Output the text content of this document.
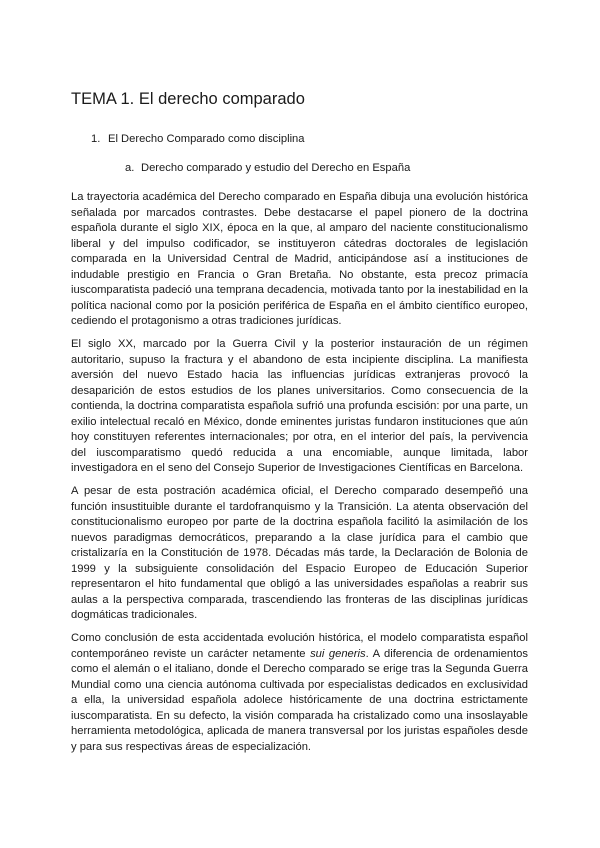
TEMA 1. El derecho comparado
1. El Derecho Comparado como disciplina
a. Derecho comparado y estudio del Derecho en España

La trayectoria académica del Derecho comparado en España dibuja una evolución histórica señalada por marcados contrastes. Debe destacarse el papel pionero de la doctrina española durante el siglo XIX, época en la que, al amparo del naciente constitucionalismo liberal y del impulso codificador, se instituyeron cátedras doctorales de legislación comparada en la Universidad Central de Madrid, anticipándose así a instituciones de indudable prestigio en Francia o Gran Bretaña. No obstante, esta precoz primacía iuscomparatista padeció una temprana decadencia, motivada tanto por la inestabilidad en la política nacional como por la posición periférica de España en el ámbito científico europeo, cediendo el protagonismo a otras tradiciones jurídicas.

El siglo XX, marcado por la Guerra Civil y la posterior instauración de un régimen autoritario, supuso la fractura y el abandono de esta incipiente disciplina. La manifiesta aversión del nuevo Estado hacia las influencias jurídicas extranjeras provocó la desaparición de estos estudios de los planes universitarios. Como consecuencia de la contienda, la doctrina comparatista española sufrió una profunda escisión: por una parte, un exilio intelectual recaló en México, donde eminentes juristas fundaron instituciones que aún hoy constituyen referentes internacionales; por otra, en el interior del país, la pervivencia del iuscomparatismo quedó reducida a una encomiable, aunque limitada, labor investigadora en el seno del Consejo Superior de Investigaciones Científicas en Barcelona.

A pesar de esta postración académica oficial, el Derecho comparado desempeñó una función insustituible durante el tardofranquismo y la Transición. La atenta observación del constitucionalismo europeo por parte de la doctrina española facilitó la asimilación de los nuevos paradigmas democráticos, preparando a la clase jurídica para el cambio que cristalizaría en la Constitución de 1978. Décadas más tarde, la Declaración de Bolonia de 1999 y la subsiguiente consolidación del Espacio Europeo de Educación Superior representaron el hito fundamental que obligó a las universidades españolas a reabrir sus aulas a la perspectiva comparada, trascendiendo las fronteras de las disciplinas jurídicas dogmáticas tradicionales.

Como conclusión de esta accidentada evolución histórica, el modelo comparatista español contemporáneo reviste un carácter netamente sui generis. A diferencia de ordenamientos como el alemán o el italiano, donde el Derecho comparado se erige tras la Segunda Guerra Mundial como una ciencia autónoma cultivada por especialistas dedicados en exclusividad a ella, la universidad española adolece históricamente de una doctrina estrictamente iuscomparatista. En su defecto, la visión comparada ha cristalizado como una insoslayable herramienta metodológica, aplicada de manera transversal por los juristas españoles desde y para sus respectivas áreas de especialización.
